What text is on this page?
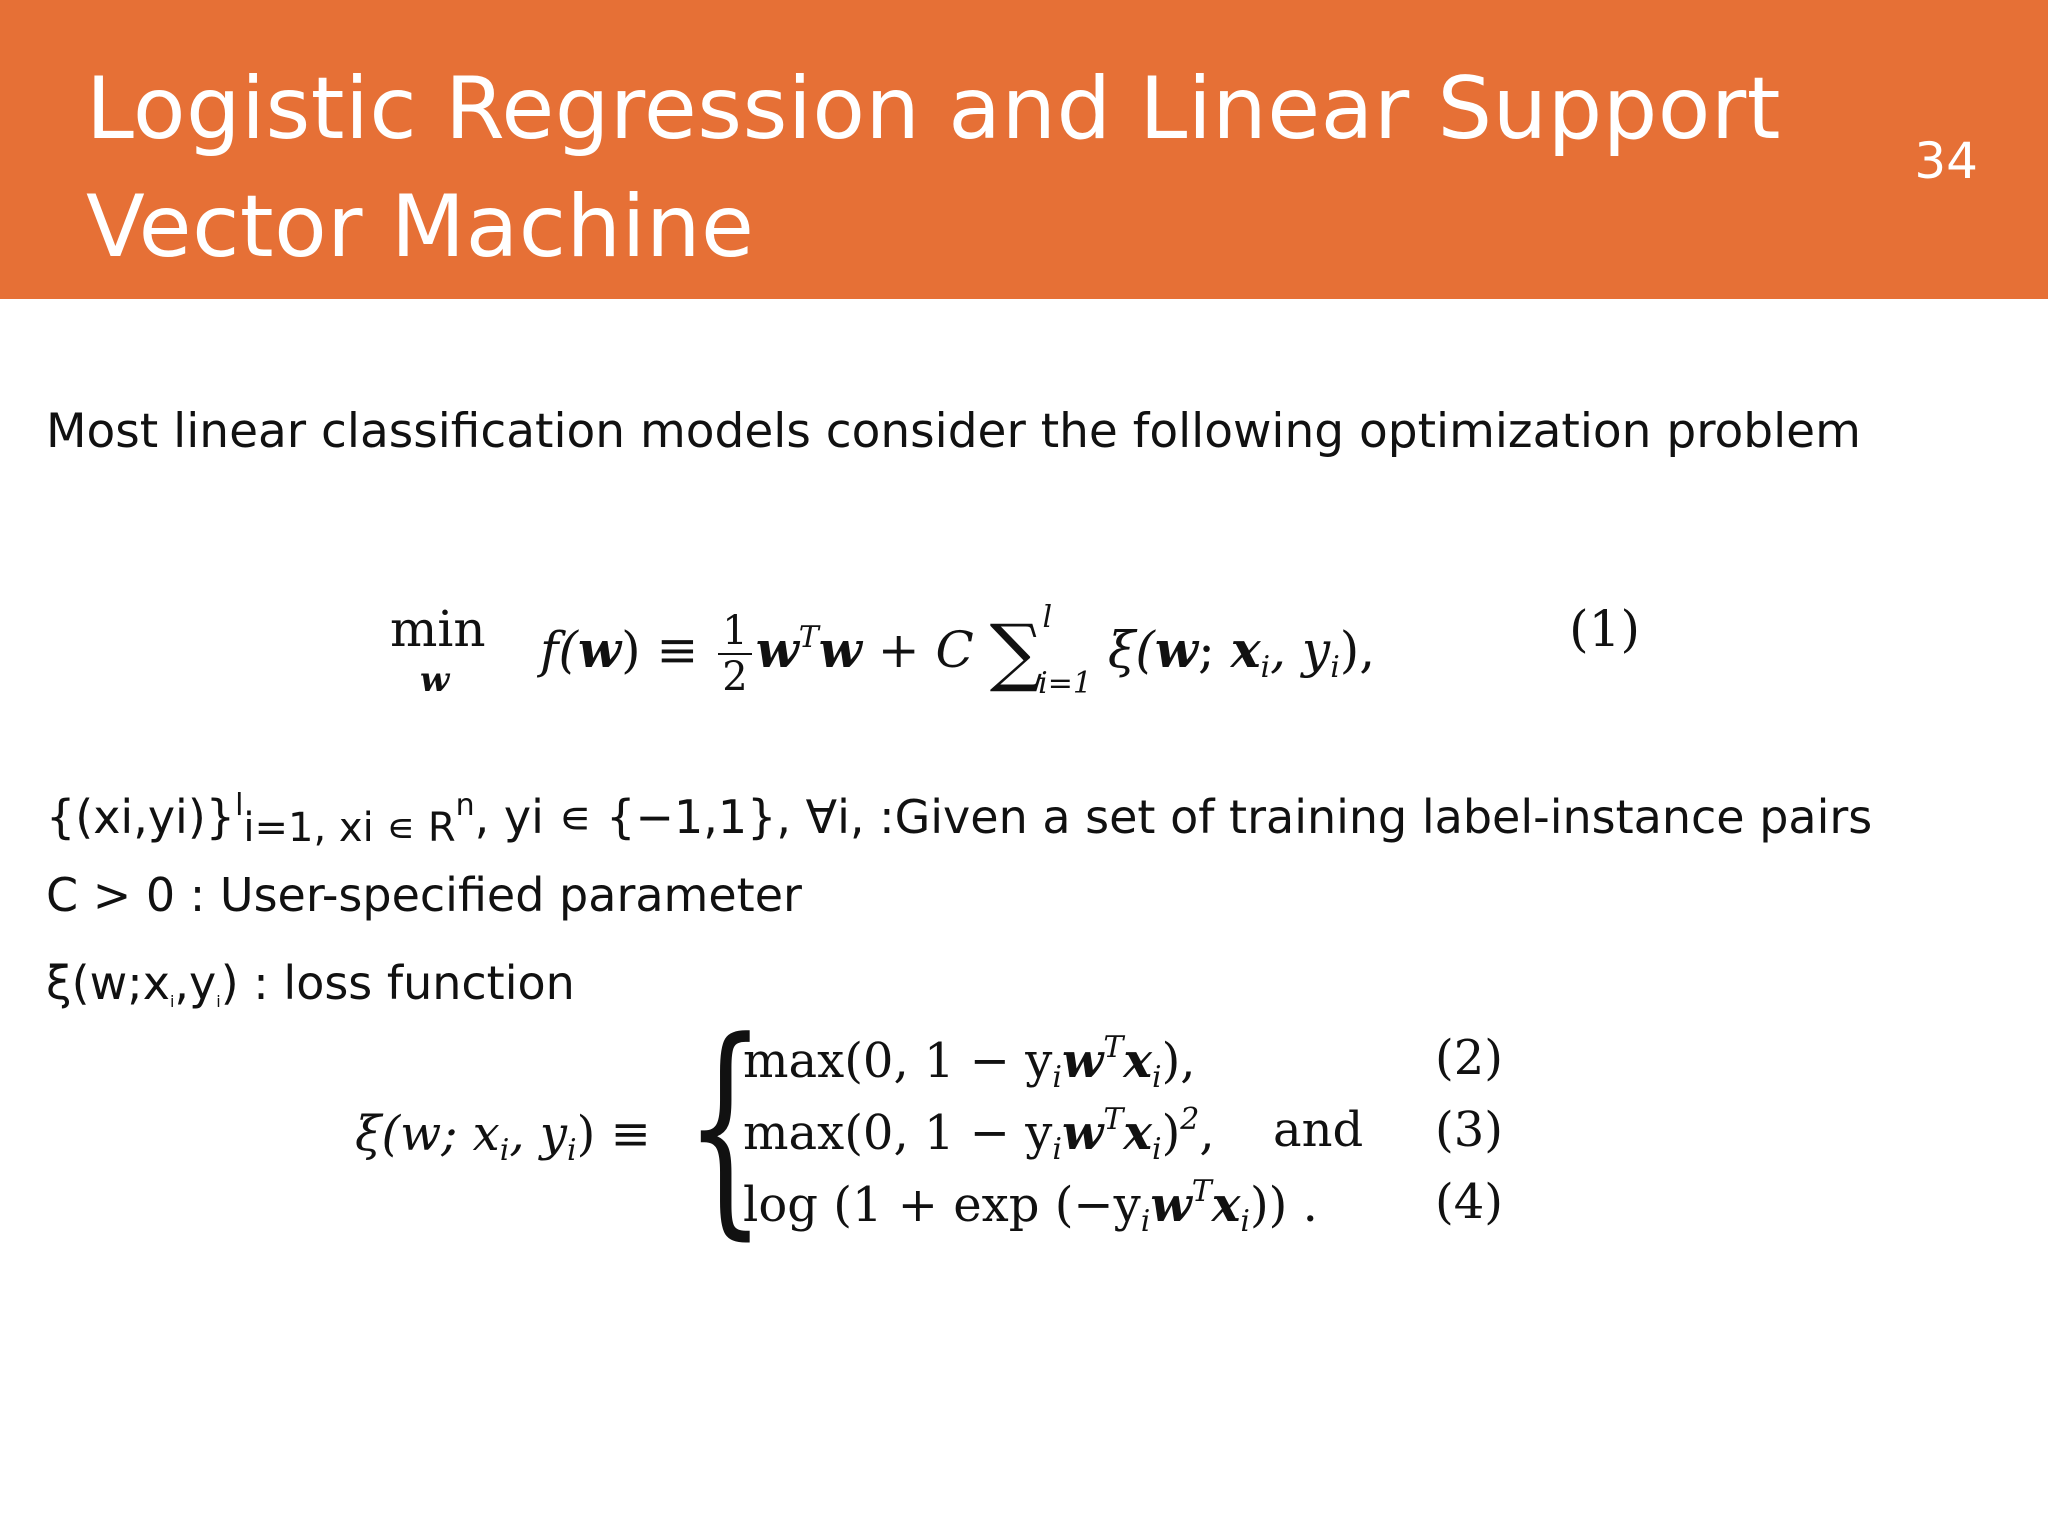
Logistic Regression and Linear Support
Vector Machine
34
Most linear classification models consider the following optimization problem
min
w
$f(w) \equiv \frac{1}{2} w^Tw + C$ ∑$^l_{i=1}$ ξ(w; $x_i$, $y_i$),	(1)
$\{(xi,yi)\}^li=1$, xi ∊ $R^n$, yi ∊ {−1,1}, ∀i, :Given a set of training label-instance pairs
C > 0 : User-specified parameter
ξ(w;xi,yi) : loss function
ξ(w; $x_i$, $y_i$) ≡ {
max(0, $1 - y_iw^Tx_i$),
max(0, $1 - y_iw^Tx_i)^2$,
$\log (1 + \exp (-y_iw^Tx_i))$ .
and
(2)
(3)
(4)
